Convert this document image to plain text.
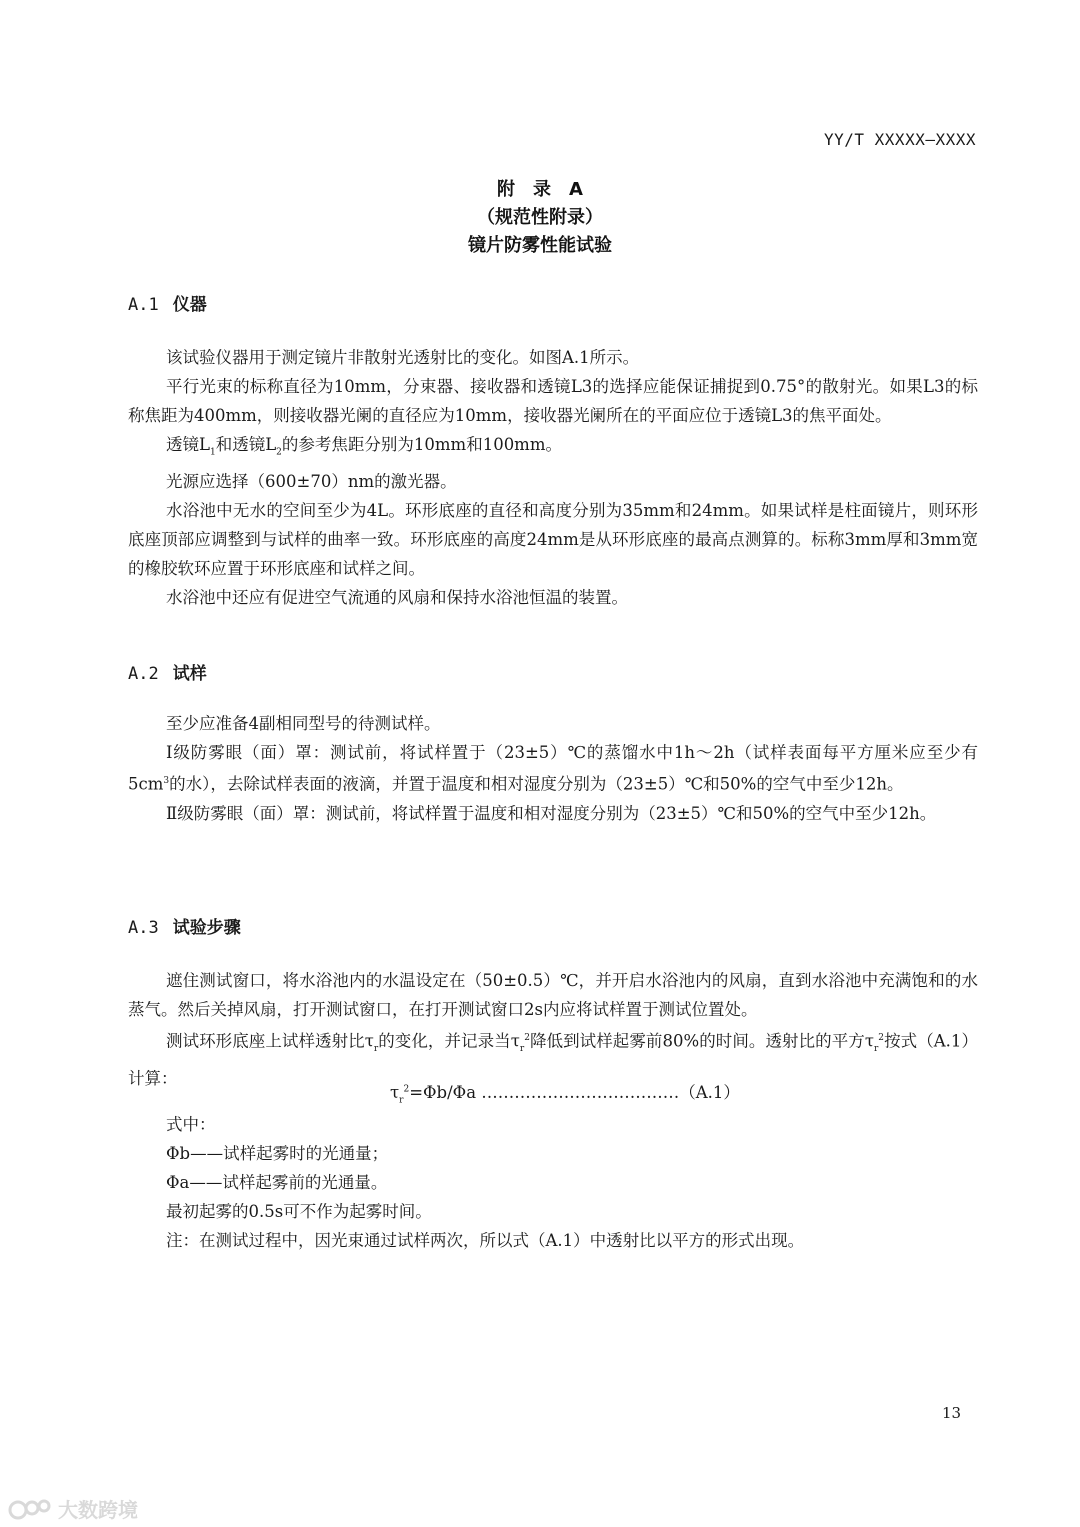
YY/T XXXXX—XXXX
附　录　A
（规范性附录）
镜片防雾性能试验
A.1 仪器

该试验仪器用于测定镜片非散射光透射比的变化。如图A.1所示。

平行光束的标称直径为10mm，分束器、接收器和透镜L3的选择应能保证捕捉到0.75°的散射光。如果L3的标称焦距为400mm，则接收器光阑的直径应为10mm，接收器光阑所在的平面应位于透镜L3的焦平面处。

透镜$L_1$和透镜$L_2$的参考焦距分别为10mm和100mm。

光源应选择（600±70）nm的激光器。

水浴池中无水的空间至少为4L。环形底座的直径和高度分别为35mm和24mm。如果试样是柱面镜片，则环形底座顶部应调整到与试样的曲率一致。环形底座的高度24mm是从环形底座的最高点测算的。标称3mm厚和3mm宽的橡胶软环应置于环形底座和试样之间。

水浴池中还应有促进空气流通的风扇和保持水浴池恒温的装置。

A.2 试样

至少应准备4副相同型号的待测试样。

Ⅰ级防雾眼（面）罩：测试前，将试样置于（23±5）℃的蒸馏水中1h～2h（试样表面每平方厘米应至少有$5cm^3$的水），去除试样表面的液滴，并置于温度和相对湿度分别为（23±5）℃和50%的空气中至少12h。

Ⅱ级防雾眼（面）罩：测试前，将试样置于温度和相对湿度分别为（23±5）℃和50%的空气中至少12h。

A.3 试验步骤

遮住测试窗口，将水浴池内的水温设定在（50±0.5）℃，并开启水浴池内的风扇，直到水浴池中充满饱和的水蒸气。然后关掉风扇，打开测试窗口，在打开测试窗口2s内应将试样置于测试位置处。

测试环形底座上试样透射比$\tau_r$的变化，并记录当$\tau_r^2$降低到试样起雾前80%的时间。透射比的平方$\tau_r^2$按式（A.1）计算：

$\tau_r^2=\Phi b/\Phi a$ ………………………………（A.1）

式中：

Φb——试样起雾时的光通量；

Φa——试样起雾前的光通量。

最初起雾的0.5s可不作为起雾时间。

注：在测试过程中，因光束通过试样两次，所以式（A.1）中透射比以平方的形式出现。

13
大数跨境
